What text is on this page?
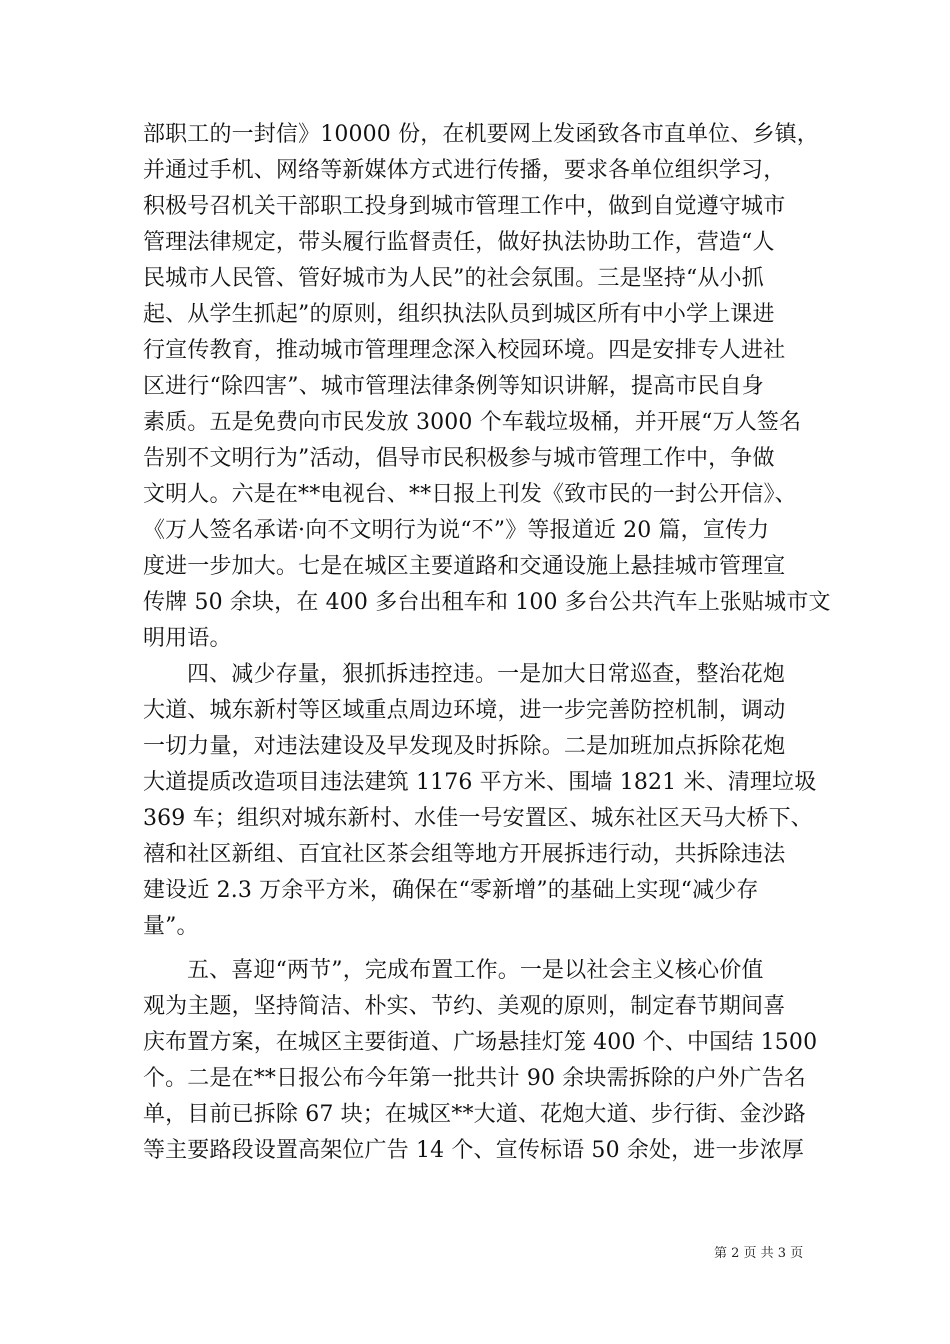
部职工的一封信》10000 份，在机要网上发函致各市直单位、乡镇，
并通过手机、网络等新媒体方式进行传播，要求各单位组织学习，
积极号召机关干部职工投身到城市管理工作中，做到自觉遵守城市
管理法律规定，带头履行监督责任，做好执法协助工作，营造“人
民城市人民管、管好城市为人民”的社会氛围。三是坚持“从小抓
起、从学生抓起”的原则，组织执法队员到城区所有中小学上课进
行宣传教育，推动城市管理理念深入校园环境。四是安排专人进社
区进行“除四害”、城市管理法律条例等知识讲解，提高市民自身
素质。五是免费向市民发放 3000 个车载垃圾桶，并开展“万人签名
告别不文明行为”活动，倡导市民积极参与城市管理工作中，争做
文明人。六是在**电视台、**日报上刊发《致市民的一封公开信》、
《万人签名承诺·向不文明行为说“不”》等报道近 20 篇，宣传力
度进一步加大。七是在城区主要道路和交通设施上悬挂城市管理宣
传牌 50 余块，在 400 多台出租车和 100 多台公共汽车上张贴城市文
明用语。
四、减少存量，狠抓拆违控违。一是加大日常巡查，整治花炮
大道、城东新村等区域重点周边环境，进一步完善防控机制，调动
一切力量，对违法建设及早发现及时拆除。二是加班加点拆除花炮
大道提质改造项目违法建筑 1176 平方米、围墙 1821 米、清理垃圾
369 车；组织对城东新村、水佳一号安置区、城东社区天马大桥下、
禧和社区新组、百宜社区茶会组等地方开展拆违行动，共拆除违法
建设近 2.3 万余平方米，确保在“零新增”的基础上实现“减少存
量”。
五、喜迎“两节”，完成布置工作。一是以社会主义核心价值
观为主题，坚持简洁、朴实、节约、美观的原则，制定春节期间喜
庆布置方案，在城区主要街道、广场悬挂灯笼 400 个、中国结 1500
个。二是在**日报公布今年第一批共计 90 余块需拆除的户外广告名
单，目前已拆除 67 块；在城区**大道、花炮大道、步行街、金沙路
等主要路段设置高架位广告 14 个、宣传标语 50 余处，进一步浓厚
第 2 页 共 3 页
